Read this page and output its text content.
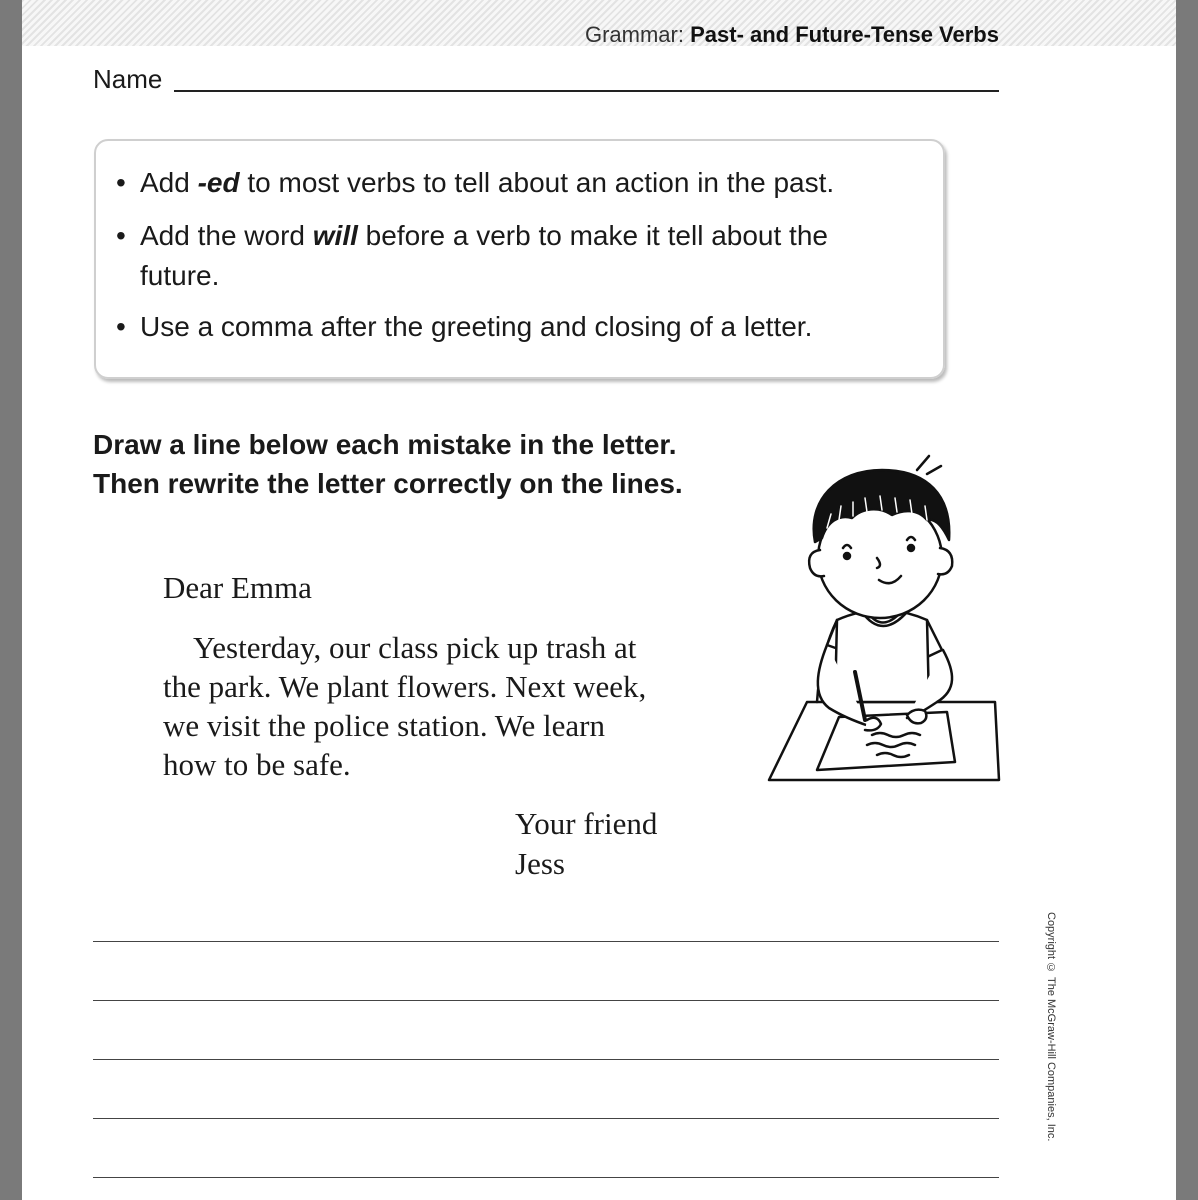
Grammar: Past- and Future-Tense Verbs
Name
• Add -ed to most verbs to tell about an action in the past.
• Add the word will before a verb to make it tell about the
future.
• Use a comma after the greeting and closing of a letter.
Draw a line below each mistake in the letter. Then rewrite the letter correctly on the lines.
Dear Emma
Yesterday, our class pick up trash at
the park. We plant flowers. Next week,
we visit the police station. We learn
how to be safe.
Your friend
Jess
Copyright © The McGraw-Hill Companies, Inc.
